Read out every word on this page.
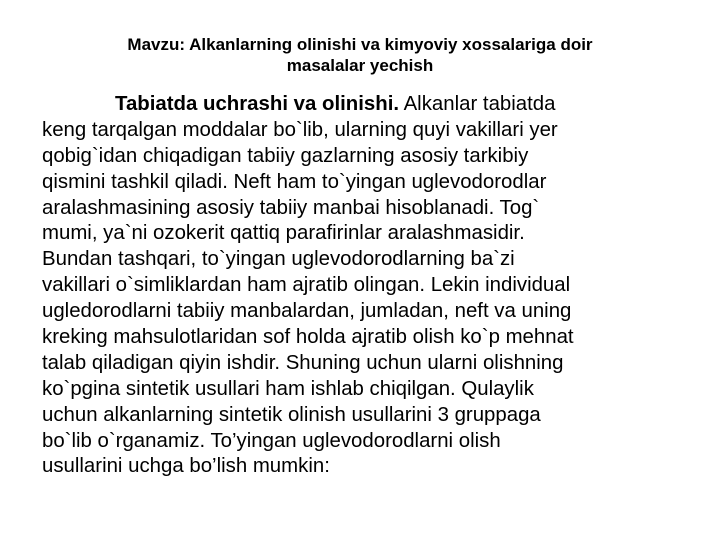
Mavzu: Alkanlarning olinishi va kimyoviy xossalariga doir
masalalar yechish
Tabiatda uchrashi va olinishi. Alkanlar tabiatda
keng tarqalgan moddalar bo`lib, ularning quyi vakillari yer
qobig`idan chiqadigan tabiiy gazlarning asosiy tarkibiy
qismini tashkil qiladi. Neft ham to`yingan uglevodorodlar
aralashmasining asosiy tabiiy manbai hisoblanadi. Tog`
mumi, ya`ni ozokerit qattiq parafirinlar aralashmasidir.
Bundan tashqari, to`yingan uglevodorodlarning ba`zi
vakillari o`simliklardan ham ajratib olingan. Lekin individual
ugledorodlarni tabiiy manbalardan, jumladan, neft va uning
kreking mahsulotlaridan sof holda ajratib olish ko`p mehnat
talab qiladigan qiyin ishdir. Shuning uchun ularni olishning
ko`pgina sintetik usullari ham ishlab chiqilgan. Qulaylik
uchun alkanlarning sintetik olinish usullarini 3 gruppaga
bo`lib o`rganamiz. To’yingan uglevodorodlarni olish
usullarini uchga bo’lish mumkin:
